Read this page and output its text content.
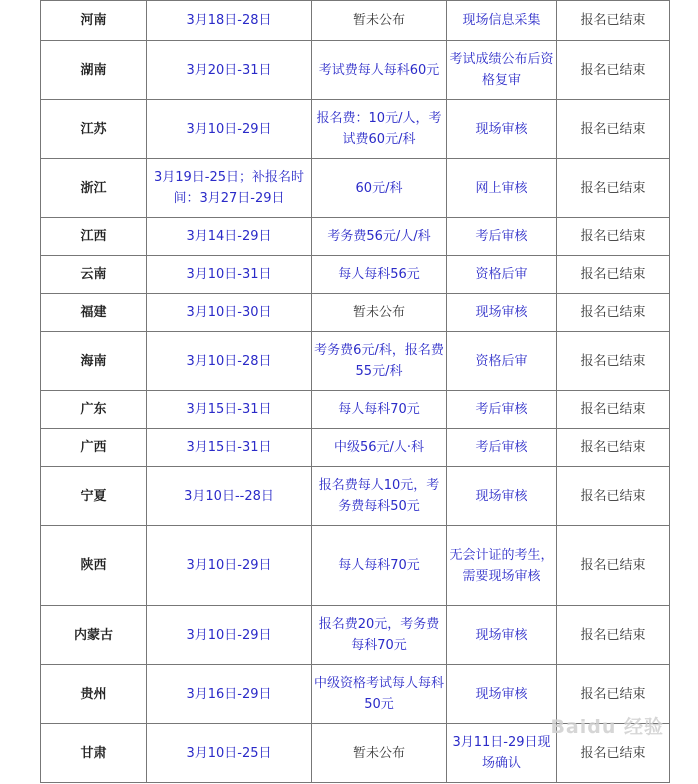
河南	3月18日-28日	暂未公布	现场信息采集	报名已结束
湖南	3月20日-31日	考试费每人每科60元	考试成绩公布后资格复审	报名已结束
江苏	3月10日-29日	报名费：10元/人，考试费60元/科	现场审核	报名已结束
浙江	3月19日-25日；补报名时间：3月27日-29日	60元/科	网上审核	报名已结束
江西	3月14日-29日	考务费56元/人/科	考后审核	报名已结束
云南	3月10日-31日	每人每科56元	资格后审	报名已结束
福建	3月10日-30日	暂未公布	现场审核	报名已结束
海南	3月10日-28日	考务费6元/科，报名费55元/科	资格后审	报名已结束
广东	3月15日-31日	每人每科70元	考后审核	报名已结束
广西	3月15日-31日	中级56元/人·科	考后审核	报名已结束
宁夏	3月10日--28日	报名费每人10元，考务费每科50元	现场审核	报名已结束
陕西	3月10日-29日	每人每科70元	无会计证的考生，需要现场审核	报名已结束
内蒙古	3月10日-29日	报名费20元，考务费每科70元	现场审核	报名已结束
贵州	3月16日-29日	中级资格考试每人每科50元	现场审核	报名已结束
甘肃	3月10日-25日	暂未公布	3月11日-29日现场确认	报名已结束
Baidu 经验
